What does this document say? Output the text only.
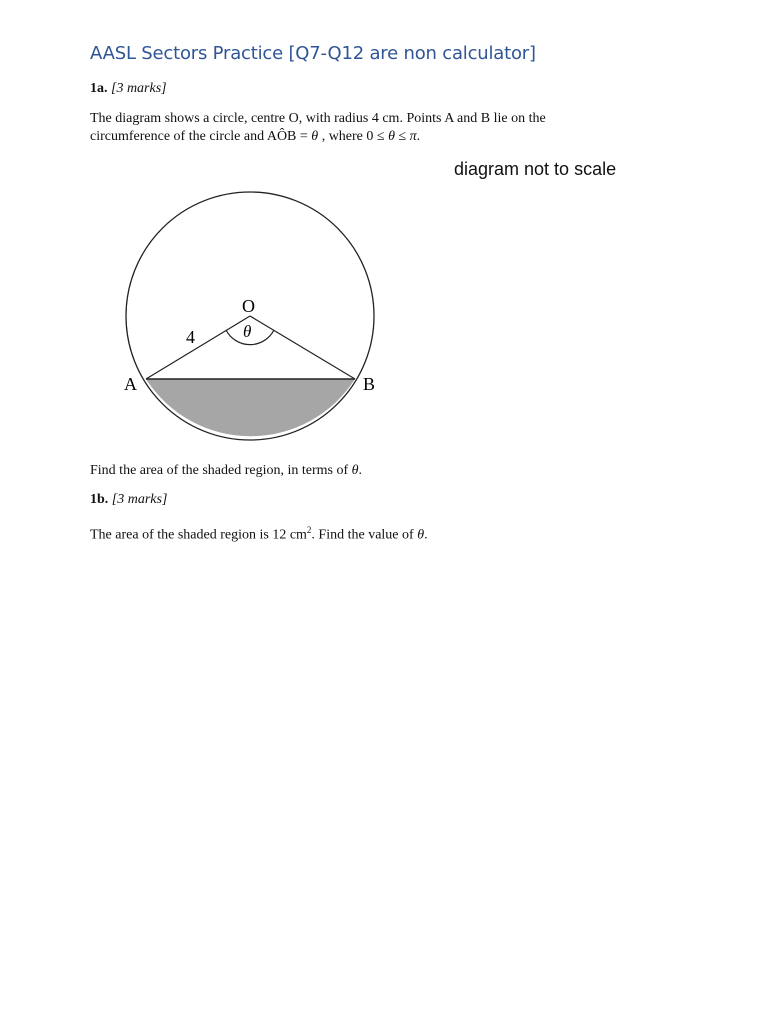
AASL Sectors Practice [Q7-Q12 are non calculator]
1a. [3 marks]
The diagram shows a circle, centre O, with radius 4 cm. Points A and B lie on the
circumference of the circle and AÔB = θ , where 0 ≤ θ ≤ π.
diagram not to scale
O
A	B
4	θ
Find the area of the shaded region, in terms of θ.
1b. [3 marks]
The area of the shaded region is 12 $cm^2$. Find the value of θ.
